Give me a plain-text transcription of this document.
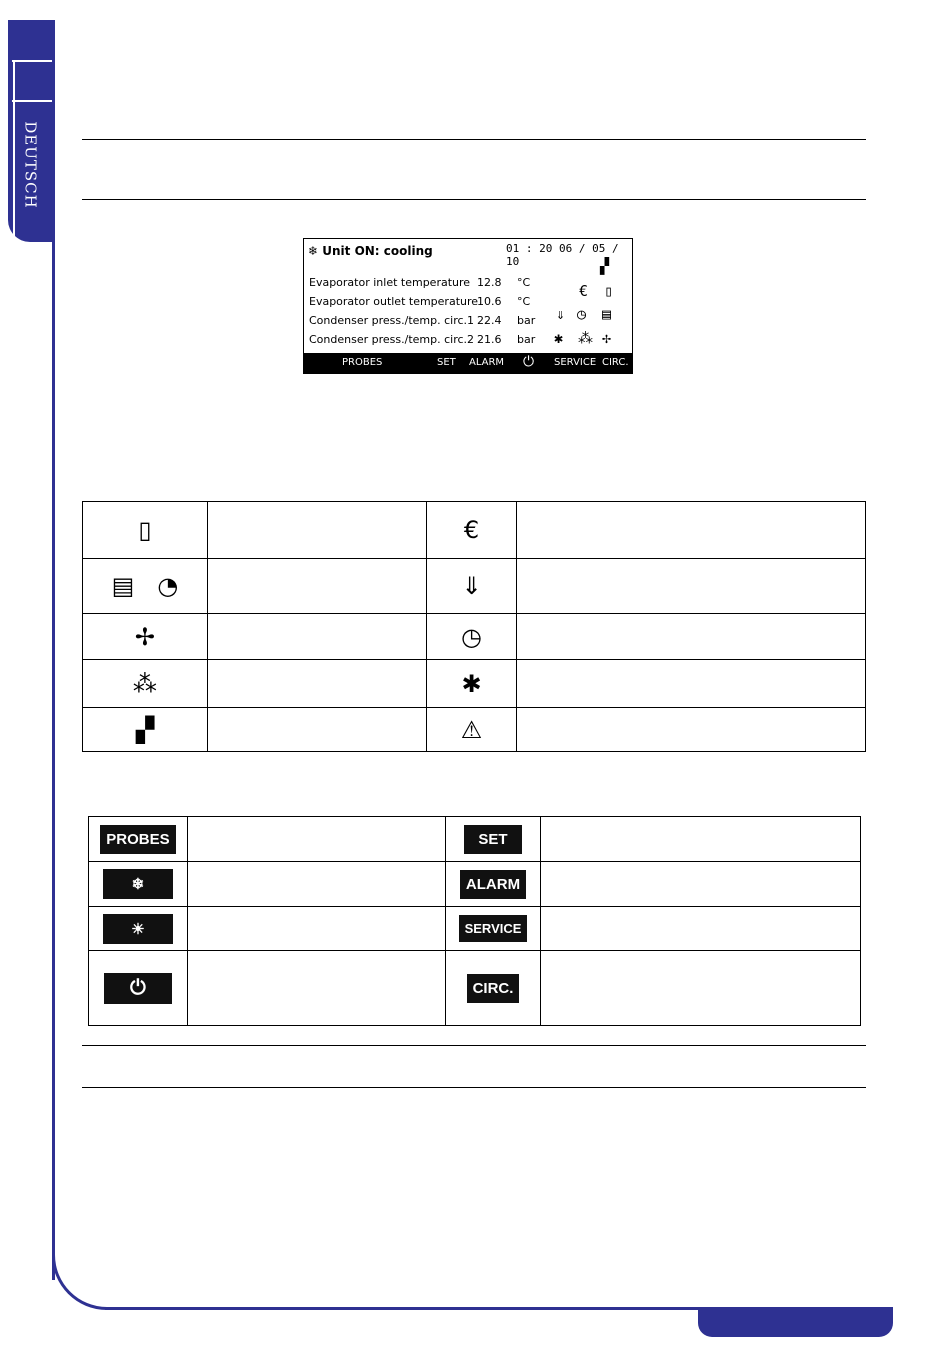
DEUTSCH
❄ Unit ON: cooling	01 : 20 06 / 05 / 10
Evaporator inlet temperature 12.8 °C
Evaporator outlet temperature10.6 °C
Condenser press./temp. circ.1 22.4 bar
Condenser press./temp. circ.2 21.6 bar
▞
€ ▯
⇓ ◷ ▤
✱ ⁂ ✢
PROBES	SET ALARM ⏻ SERVICE CIRC.
▯		€	
▤   ◔		⇓	
✢		◷	
⁂		✱	
▞		⚠	
PROBES		SET	
❄		ALARM	
☀		SERVICE	
⏻		CIRC.	
